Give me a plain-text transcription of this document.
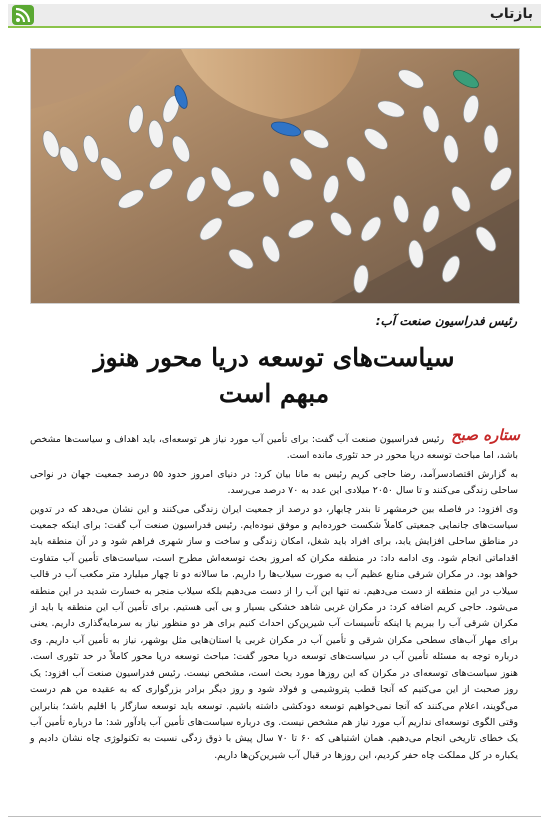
بازتاب
رئیس فدراسیون صنعت آب:
سیاست‌های توسعه دریا محور هنوز
مبهم است
ستاره صبح

رئیس فدراسیون صنعت آب گفت: برای تأمین آب مورد نیاز هر توسعه‌ای، باید اهداف و سیاست‌ها مشخص باشد، اما مباحث توسعه دریا محور در حد تئوری مانده است.

به گزارش اقتصادسرآمد، رضا حاجی کریم رئیس به مانا بیان کرد: در دنیای امروز حدود ۵۵ درصد جمعیت جهان در نواحی ساحلی زندگی می‌کنند و تا سال ۲۰۵۰ میلادی این عدد به ۷۰ درصد می‌رسد.

وی افزود: در فاصله بین خرمشهر تا بندر چابهار، دو درصد از جمعیت ایران زندگی می‌کنند و این نشان می‌دهد که در تدوین سیاست‌های جانمایی جمعیتی کاملاً شکست خورده‌ایم و موفق نبوده‌ایم. رئیس فدراسیون صنعت آب گفت: برای اینکه جمعیت در مناطق ساحلی افزایش یابد، برای افراد باید شغل، امکان زندگی و ساخت و ساز شهری فراهم شود و در آن منطقه باید اقداماتی انجام شود. وی ادامه داد: در منطقه مکران که امروز بحث توسعه‌اش مطرح است، سیاست‌های تأمین آب متفاوت خواهد بود. در مکران شرقی منابع عظیم آب به صورت سیلاب‌ها را داریم. ما سالانه دو تا چهار میلیارد متر مکعب آب در قالب سیلاب در این منطقه از دست می‌دهیم. نه تنها این آب را از دست می‌دهیم بلکه سیلاب منجر به خسارت شدید در این منطقه می‌شود. حاجی کریم اضافه کرد: در مکران غربی شاهد خشکی بسیار و بی آبی هستیم. برای تأمین آب این منطقه یا باید از مکران شرقی آب را ببریم یا اینکه تأسیسات آب شیرین‌کن احداث کنیم برای هر دو منظور نیاز به سرمایه‌گذاری داریم. یعنی برای مهار آب‌های سطحی مکران شرقی و تأمین آب در مکران غربی یا استان‌هایی مثل بوشهر، نیاز به تأمین آب داریم. وی درباره توجه به مسئله تأمین آب در سیاست‌های توسعه دریا محور گفت: مباحث توسعه دریا محور کاملاً در حد تئوری است. هنوز سیاست‌های توسعه‌ای در مکران که این روزها مورد بحث است، مشخص نیست. رئیس فدراسیون صنعت آب افزود: یک روز صحبت از این می‌کنیم که آنجا قطب پتروشیمی و فولاد شود و روز دیگر برادر بزرگواری که به عقیده من هم درست می‌گویند، اعلام می‌کنند که آنجا نمی‌خواهیم توسعه دودکشی داشته باشیم. توسعه باید توسعه سازگار با اقلیم باشد؛ بنابراین وقتی الگوی توسعه‌ای نداریم آب مورد نیاز هم مشخص نیست. وی درباره سیاست‌های تأمین آب یادآور شد: ما درباره تأمین آب یک خطای تاریخی انجام می‌دهیم. همان اشتباهی که ۶۰ تا ۷۰ سال پیش با ذوق زدگی نسبت به تکنولوژی چاه نشان دادیم و یکباره در کل مملکت چاه حفر کردیم، این روزها در قبال آب شیرین‌کن‌ها داریم.
